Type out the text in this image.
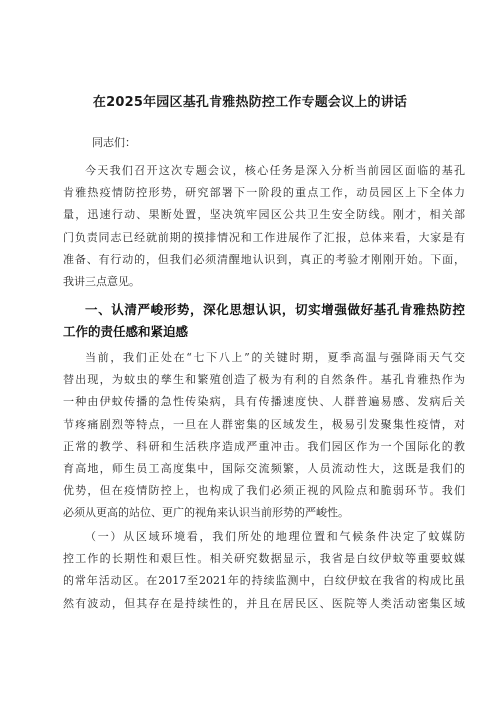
在2025年园区基孔肯雅热防控工作专题会议上的讲话
同志们：
今天我们召开这次专题会议，核心任务是深入分析当前园区面临的基孔
肯雅热疫情防控形势，研究部署下一阶段的重点工作，动员园区上下全体力
量，迅速行动、果断处置，坚决筑牢园区公共卫生安全防线。刚才，相关部
门负责同志已经就前期的摸排情况和工作进展作了汇报，总体来看，大家是有
准备、有行动的，但我们必须清醒地认识到，真正的考验才刚刚开始。下面，
我讲三点意见。
一、认清严峻形势，深化思想认识，切实增强做好基孔肯雅热防控
工作的责任感和紧迫感
当前，我们正处在“七下八上”的关键时期，夏季高温与强降雨天气交
替出现，为蚊虫的孳生和繁殖创造了极为有利的自然条件。基孔肯雅热作为
一种由伊蚊传播的急性传染病，具有传播速度快、人群普遍易感、发病后关
节疼痛剧烈等特点，一旦在人群密集的区域发生，极易引发聚集性疫情，对
正常的教学、科研和生活秩序造成严重冲击。我们园区作为一个国际化的教
育高地，师生员工高度集中，国际交流频繁，人员流动性大，这既是我们的
优势，但在疫情防控上，也构成了我们必须正视的风险点和脆弱环节。我们
必须从更高的站位、更广的视角来认识当前形势的严峻性。
（一）从区域环境看，我们所处的地理位置和气候条件决定了蚊媒防
控工作的长期性和艰巨性。相关研究数据显示，我省是白纹伊蚊等重要蚊媒
的常年活动区。在2017至2021年的持续监测中，白纹伊蚊在我省的构成比虽
然有波动，但其存在是持续性的，并且在居民区、医院等人类活动密集区域
